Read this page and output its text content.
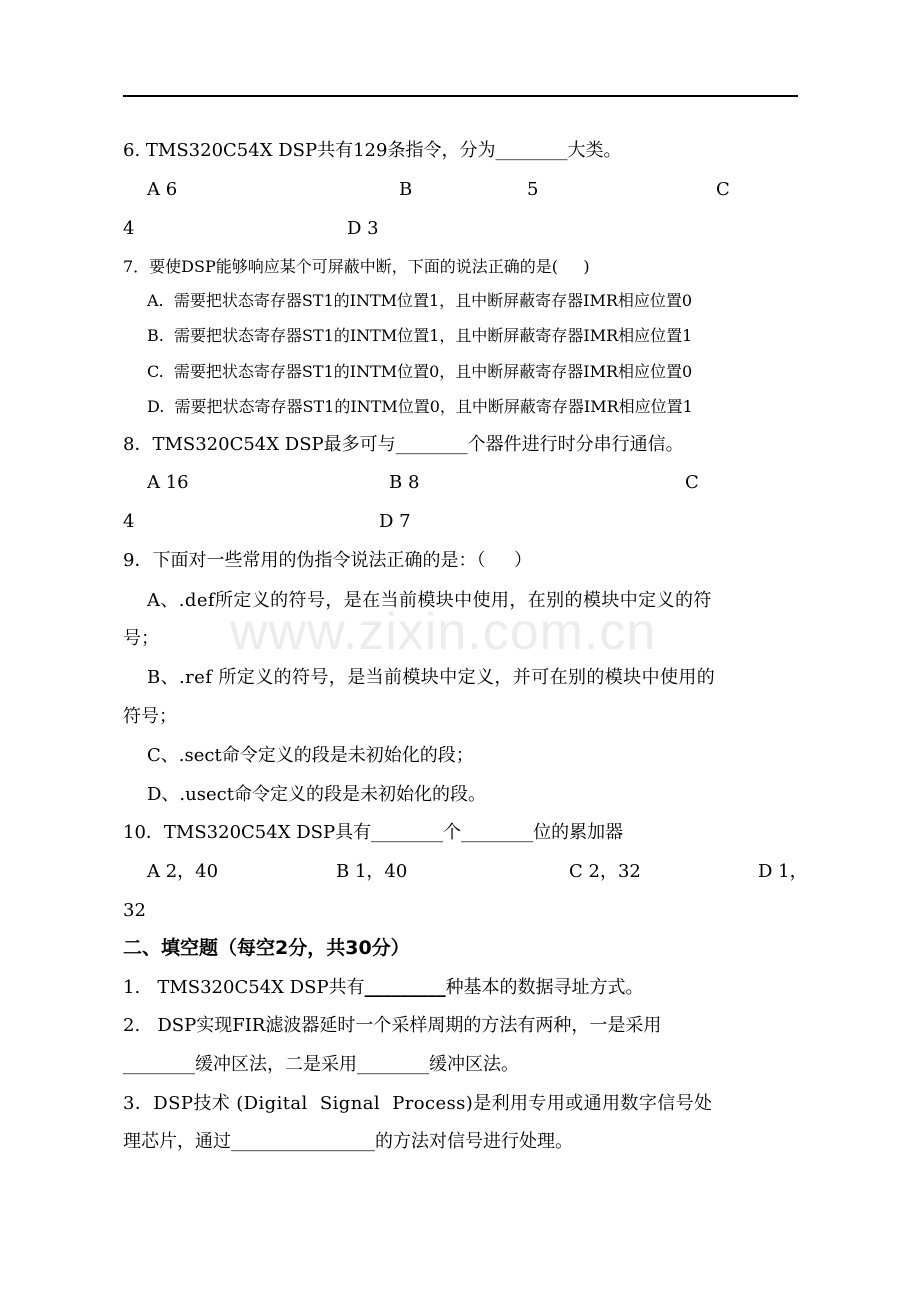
www.zixin.com.cn
6. TMS320C54X DSP共有129条指令，分为________大类。
A 6	B	5	C
4	D 3
7．要使DSP能够响应某个可屏蔽中断，下面的说法正确的是(     )
A.  需要把状态寄存器ST1的INTM位置1，且中断屏蔽寄存器IMR相应位置0
B.  需要把状态寄存器ST1的INTM位置1，且中断屏蔽寄存器IMR相应位置1
C.  需要把状态寄存器ST1的INTM位置0，且中断屏蔽寄存器IMR相应位置0
D.  需要把状态寄存器ST1的INTM位置0，且中断屏蔽寄存器IMR相应位置1
8．TMS320C54X DSP最多可与________个器件进行时分串行通信。
A 16	B 8	C
4	D 7
9．下面对一些常用的伪指令说法正确的是：（     ）
A、.def所定义的符号，是在当前模块中使用，在别的模块中定义的符
号；
B、.ref 所定义的符号，是当前模块中定义，并可在别的模块中使用的
符号；
C、.sect命令定义的段是未初始化的段；
D、.usect命令定义的段是未初始化的段。
10．TMS320C54X DSP具有________个________位的累加器
A 2，40	B 1，40	C 2，32	D 1，
32
二、填空题（每空2分，共30分）
1.   TMS320C54X DSP共有_________种基本的数据寻址方式。
2.   DSP实现FIR滤波器延时一个采样周期的方法有两种，一是采用
________缓冲区法，二是采用________缓冲区法。
3．DSP技术 (Digital  Signal  Process)是利用专用或通用数字信号处
理芯片，通过________________的方法对信号进行处理。
